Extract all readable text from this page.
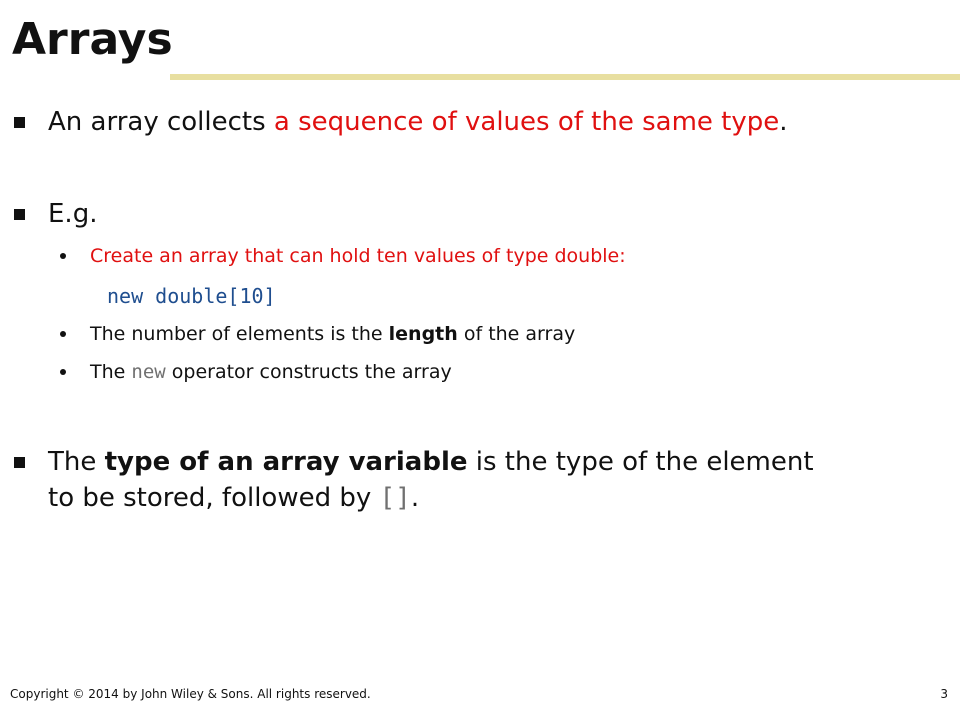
Arrays
An array collects a sequence of values of the same type.
E.g.
Create an array that can hold ten values of type double:
new double[10]
The number of elements is the length of the array
The new operator constructs the array
The type of an array variable is the type of the element
to be stored, followed by [].
Copyright © 2014 by John Wiley & Sons. All rights reserved.	3
